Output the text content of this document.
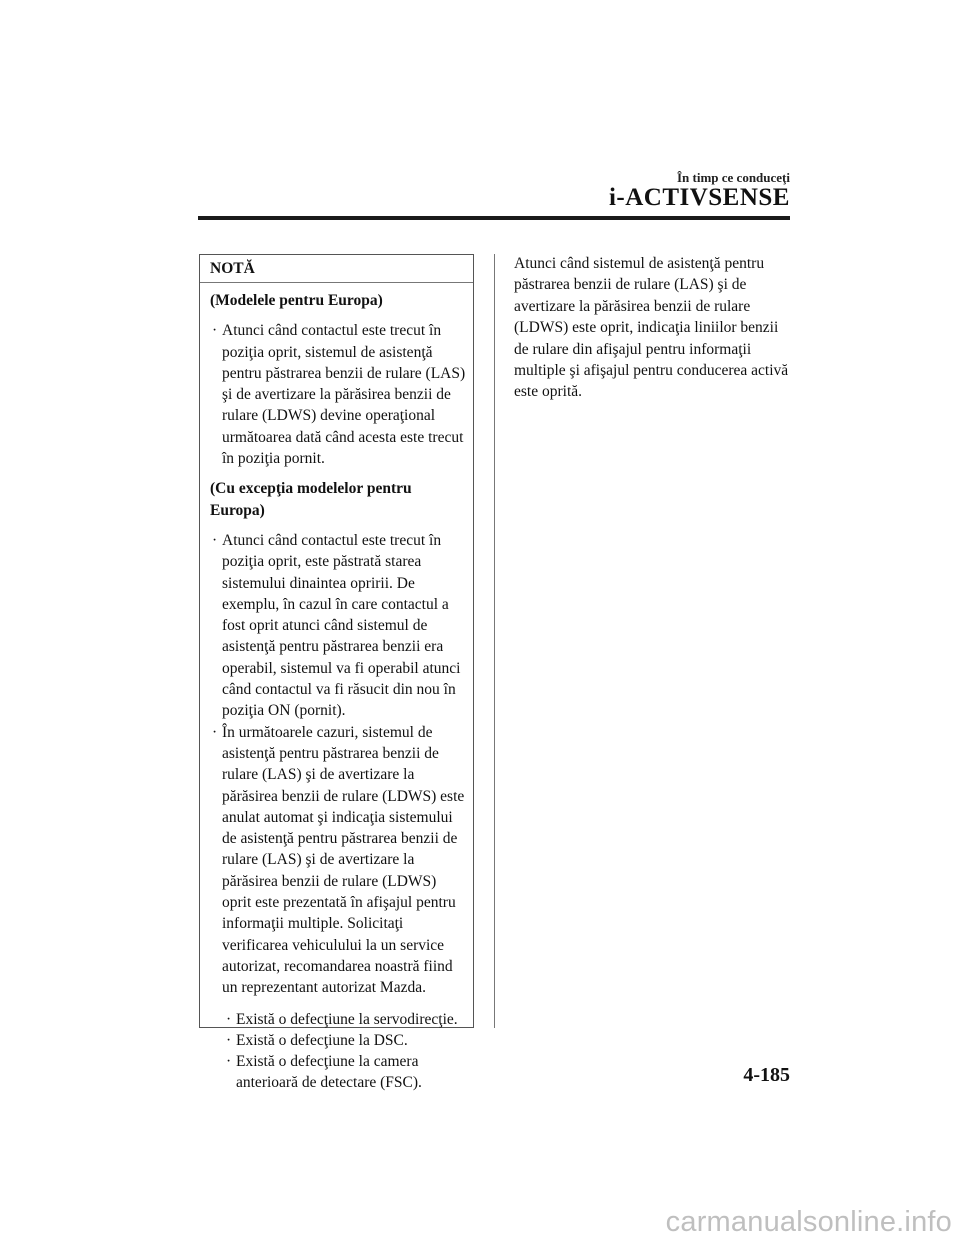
În timp ce conduceţi
i-ACTIVSENSE
NOTĂ

(Modelele pentru Europa)

· Atunci când contactul este trecut în poziţia oprit, sistemul de asistenţă pentru păstrarea benzii de rulare (LAS) şi de avertizare la părăsirea benzii de rulare (LDWS) devine operaţional următoarea dată când acesta este trecut în poziţia pornit.

(Cu excepţia modelelor pentru Europa)

· Atunci când contactul este trecut în poziţia oprit, este păstrată starea sistemului dinaintea opririi. De exemplu, în cazul în care contactul a fost oprit atunci când sistemul de asistenţă pentru păstrarea benzii era operabil, sistemul va fi operabil atunci când contactul va fi răsucit din nou în poziţia ON (pornit).
· În următoarele cazuri, sistemul de asistenţă pentru păstrarea benzii de rulare (LAS) şi de avertizare la părăsirea benzii de rulare (LDWS) este anulat automat şi indicaţia sistemului de asistenţă pentru păstrarea benzii de rulare (LAS) şi de avertizare la părăsirea benzii de rulare (LDWS) oprit este prezentată în afişajul pentru informaţii multiple. Solicitaţi verificarea vehiculului la un service autorizat, recomandarea noastră fiind un reprezentant autorizat Mazda.
· Există o defecţiune la servodirecţie.
· Există o defecţiune la DSC.
· Există o defecţiune la camera anterioară de detectare (FSC).

Atunci când sistemul de asistenţă pentru păstrarea benzii de rulare (LAS) şi de avertizare la părăsirea benzii de rulare (LDWS) este oprit, indicaţia liniilor benzii de rulare din afişajul pentru informaţii multiple şi afişajul pentru conducerea activă este oprită.

4-185
carmanualsonline.info
